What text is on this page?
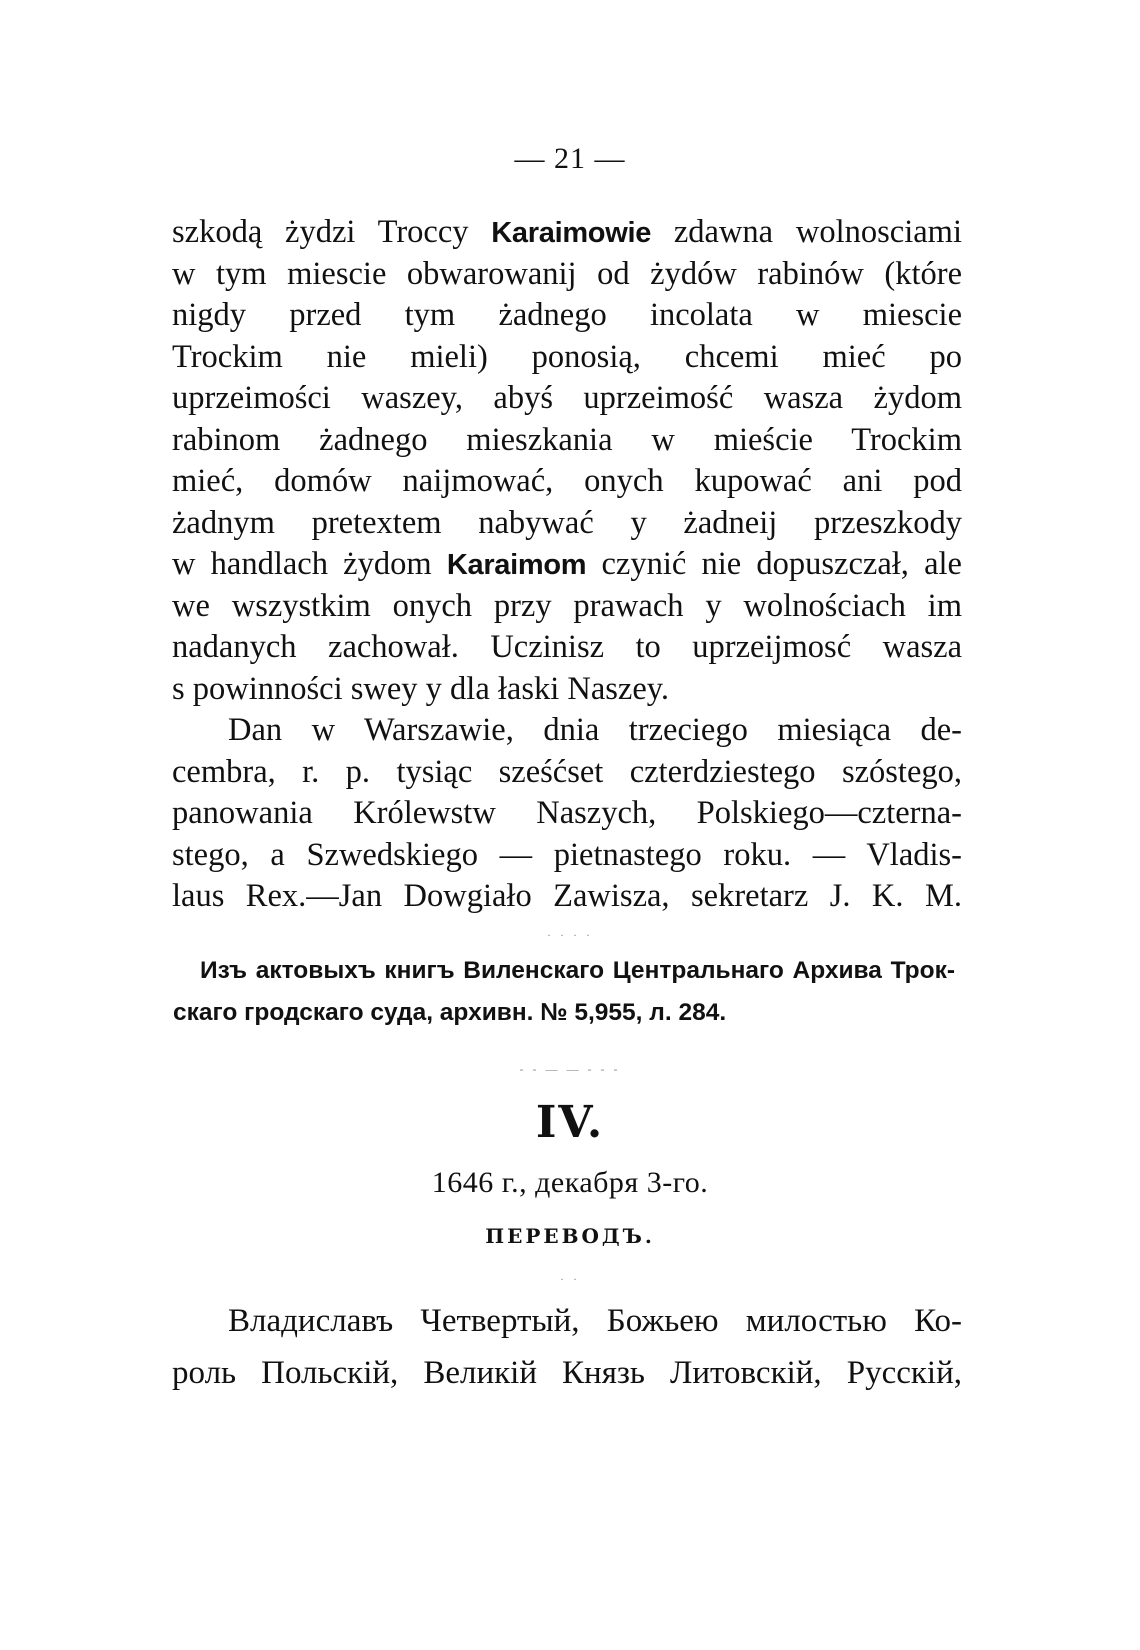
— 21 —
szkodą żydzi Troccy Karaimowie zdawna wolnosciami
w tym miescie obwarowanij od żydów rabinów (które
nigdy przed tym żadnego incolata w miescie
Trockim nie mieli) ponosią, chcemi mieć po
uprzeimości waszey, abyś uprzeimość wasza żydom
rabinom żadnego mieszkania w mieście Trockim
mieć, domów naijmować, onych kupować ani pod
żadnym pretextem nabywać y żadneij przeszkody
w handlach żydom Karaimom czynić nie dopuszczał, ale
we wszystkim onych przy prawach y wolnościach im
nadanych zachował. Uczinisz to uprzeijmosć wasza
s powinności swey y dla łaski Naszey.
Dan w Warszawie, dnia trzeciego miesiąca de-
cembra, r. p. tysiąc sześćset czterdziestego szóstego,
panowania Królewstw Naszych, Polskiego—czterna-
stego, a Szwedskiego — pietnastego roku. — Vladis-
laus Rex.—Jan Dowgiało Zawisza, sekretarz J. K. M.
· · · ·
Изъ актовыхъ книгъ Виленскаго Центральнаго Архива Трок-
скаго гродскаго суда, архивн. № 5,955, л. 284.
- - — — - - -
IV.
1646 г., декабря 3-го.
ПЕРЕВОДЪ.
· ·
Владиславъ Четвертый, Божьею милостью Ко-
роль Польскій, Великій Князь Литовскій, Русскій,
